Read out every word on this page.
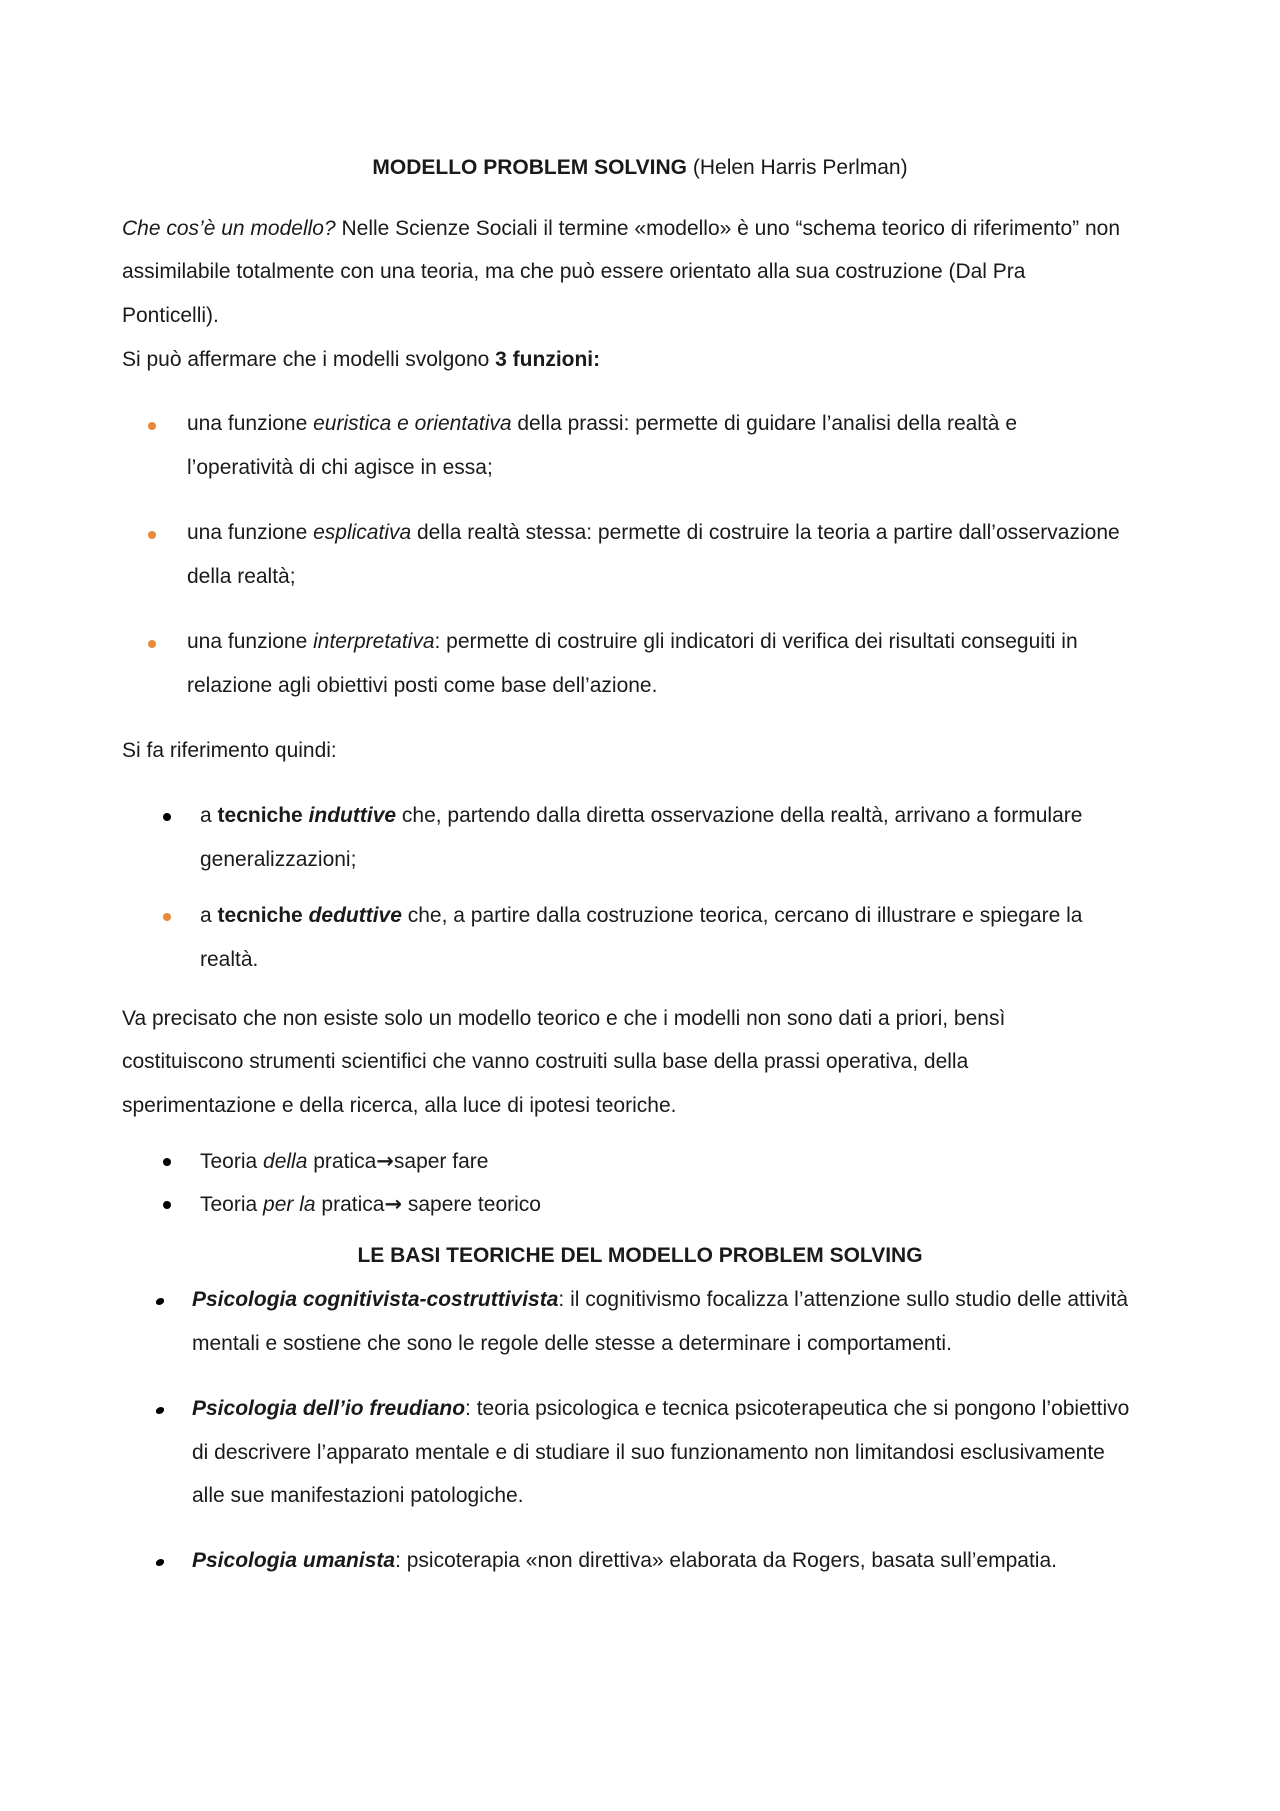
MODELLO PROBLEM SOLVING (Helen Harris Perlman)
Che cos’è un modello? Nelle Scienze Sociali il termine «modello» è uno “schema teorico di riferimento” non
assimilabile totalmente con una teoria, ma che può essere orientato alla sua costruzione (Dal Pra
Ponticelli).
Si può affermare che i modelli svolgono 3 funzioni:
una funzione euristica e orientativa della prassi: permette di guidare l’analisi della realtà e
l’operatività di chi agisce in essa;
una funzione esplicativa della realtà stessa: permette di costruire la teoria a partire dall’osservazione
della realtà;
una funzione interpretativa: permette di costruire gli indicatori di verifica dei risultati conseguiti in
relazione agli obiettivi posti come base dell’azione.
Si fa riferimento quindi:
a tecniche induttive che, partendo dalla diretta osservazione della realtà, arrivano a formulare
generalizzazioni;
a tecniche deduttive che, a partire dalla costruzione teorica, cercano di illustrare e spiegare la
realtà.
Va precisato che non esiste solo un modello teorico e che i modelli non sono dati a priori, bensì
costituiscono strumenti scientifici che vanno costruiti sulla base della prassi operativa, della
sperimentazione e della ricerca, alla luce di ipotesi teoriche.
Teoria della pratica→saper fare
Teoria per la pratica→ sapere teorico
LE BASI TEORICHE DEL MODELLO PROBLEM SOLVING
Psicologia cognitivista-costruttivista: il cognitivismo focalizza l’attenzione sullo studio delle attività
mentali e sostiene che sono le regole delle stesse a determinare i comportamenti.
Psicologia dell’io freudiano: teoria psicologica e tecnica psicoterapeutica che si pongono l’obiettivo
di descrivere l’apparato mentale e di studiare il suo funzionamento non limitandosi esclusivamente
alle sue manifestazioni patologiche.
Psicologia umanista: psicoterapia «non direttiva» elaborata da Rogers, basata sull’empatia.
